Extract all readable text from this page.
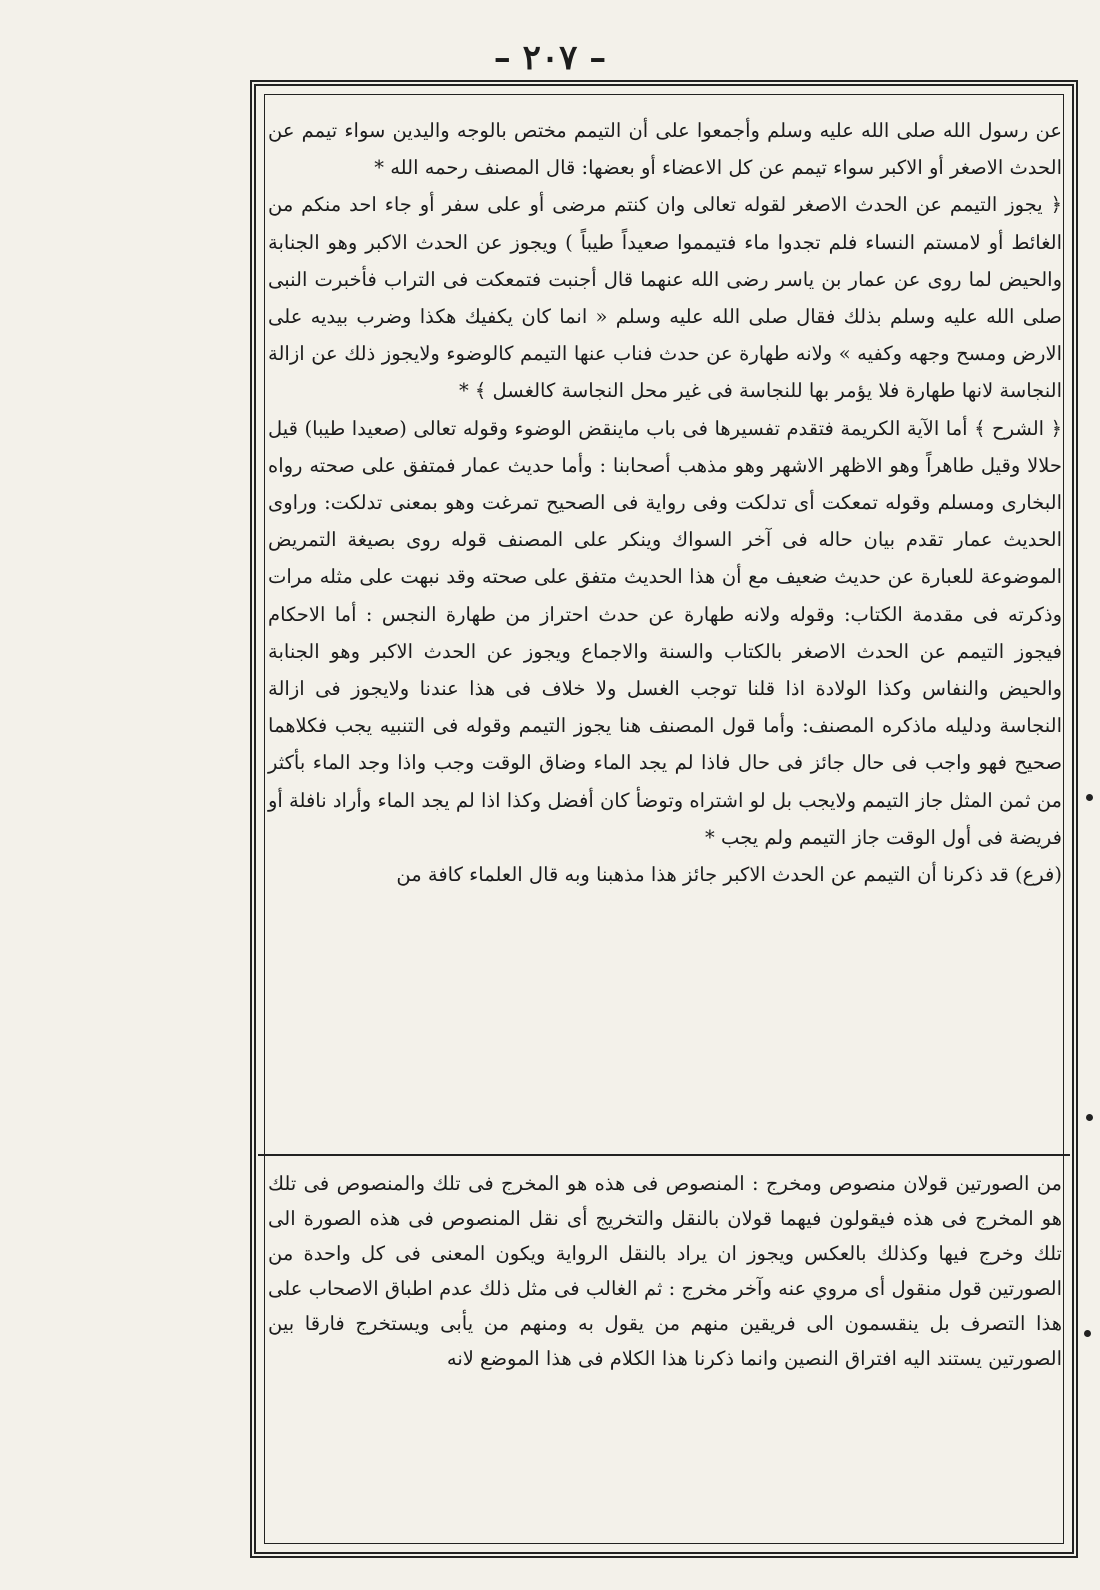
– ٢٠٧ –

عن رسول الله صلى الله عليه وسلم وأجمعوا على أن التيمم مختص بالوجه واليدين سواء تيمم عن الحدث الاصغر أو الاكبر سواء تيمم عن كل الاعضاء أو بعضها: قال المصنف رحمه الله *

﴿ يجوز التيمم عن الحدث الاصغر لقوله تعالى وان كنتم مرضى أو على سفر أو جاء احد منكم من الغائط أو لامستم النساء فلم تجدوا ماء فتيمموا صعيداً طيباً ) ويجوز عن الحدث الاكبر وهو الجنابة والحيض لما روى عن عمار بن ياسر رضى الله عنهما قال أجنبت فتمعكت فى التراب فأخبرت النبى صلى الله عليه وسلم بذلك فقال صلى الله عليه وسلم « انما كان يكفيك هكذا وضرب بيديه على الارض ومسح وجهه وكفيه » ولانه طهارة عن حدث فناب عنها التيمم كالوضوء ولايجوز ذلك عن ازالة النجاسة لانها طهارة فلا يؤمر بها للنجاسة فى غير محل النجاسة كالغسل ﴾ *

﴿ الشرح ﴾ أما الآية الكريمة فتقدم تفسيرها فى باب ماينقض الوضوء وقوله تعالى (صعيدا طيبا) قيل حلالا وقيل طاهراً وهو الاظهر الاشهر وهو مذهب أصحابنا : وأما حديث عمار فمتفق على صحته رواه البخارى ومسلم وقوله تمعكت أى تدلكت وفى رواية فى الصحيح تمرغت وهو بمعنى تدلكت: وراوى الحديث عمار تقدم بيان حاله فى آخر السواك وينكر على المصنف قوله روى بصيغة التمريض الموضوعة للعبارة عن حديث ضعيف مع أن هذا الحديث متفق على صحته وقد نبهت على مثله مرات وذكرته فى مقدمة الكتاب: وقوله ولانه طهارة عن حدث احتراز من طهارة النجس : أما الاحكام فيجوز التيمم عن الحدث الاصغر بالكتاب والسنة والاجماع ويجوز عن الحدث الاكبر وهو الجنابة والحيض والنفاس وكذا الولادة اذا قلنا توجب الغسل ولا خلاف فى هذا عندنا ولايجوز فى ازالة النجاسة ودليله ماذكره المصنف: وأما قول المصنف هنا يجوز التيمم وقوله فى التنبيه يجب فكلاهما صحيح فهو واجب فى حال جائز فى حال فاذا لم يجد الماء وضاق الوقت وجب واذا وجد الماء بأكثر من ثمن المثل جاز التيمم ولايجب بل لو اشتراه وتوضأ كان أفضل وكذا اذا لم يجد الماء وأراد نافلة أو فريضة فى أول الوقت جاز التيمم ولم يجب *

(فرع) قد ذكرنا أن التيمم عن الحدث الاكبر جائز هذا مذهبنا وبه قال العلماء كافة من

من الصورتين قولان منصوص ومخرج : المنصوص فى هذه هو المخرج فى تلك والمنصوص فى تلك هو المخرج فى هذه فيقولون فيهما قولان بالنقل والتخريج أى نقل المنصوص فى هذه الصورة الى تلك وخرج فيها وكذلك بالعكس ويجوز ان يراد بالنقل الرواية ويكون المعنى فى كل واحدة من الصورتين قول منقول أى مروي عنه وآخر مخرج : ثم الغالب فى مثل ذلك عدم اطباق الاصحاب على هذا التصرف بل ينقسمون الى فريقين منهم من يقول به ومنهم من يأبى ويستخرج فارقا بين الصورتين يستند اليه افتراق النصين وانما ذكرنا هذا الكلام فى هذا الموضع لانه
